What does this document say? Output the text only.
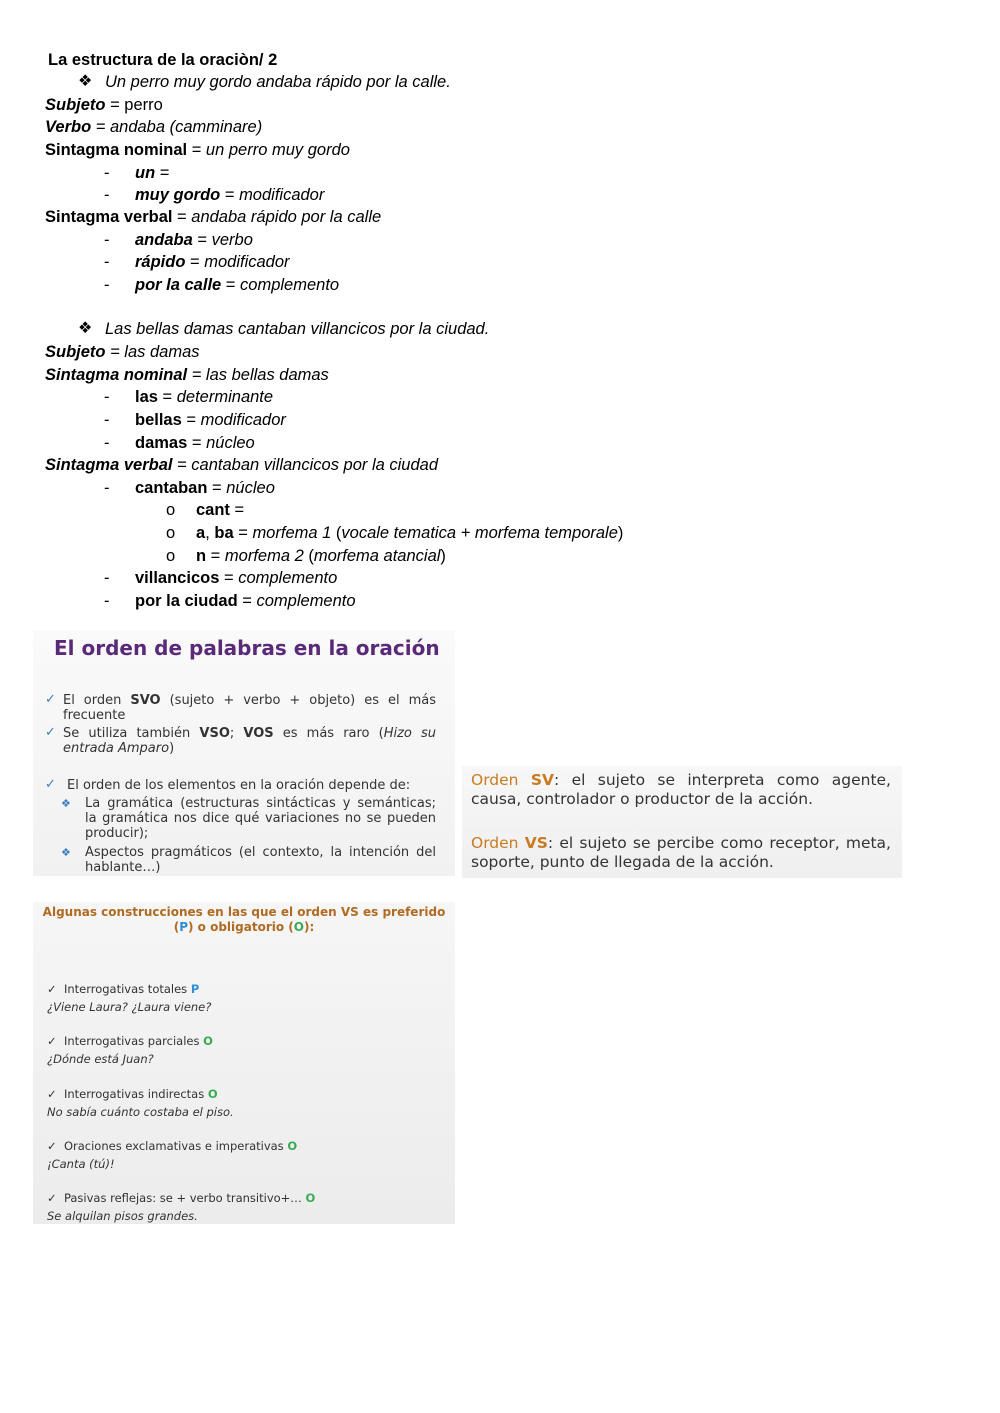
La estructura de la oraciòn/ 2
❖ Un perro muy gordo andaba rápido por la calle.
Subjeto = perro
Verbo = andaba (camminare)
Sintagma nominal = un perro muy gordo
- un =
- muy gordo = modificador
Sintagma verbal = andaba rápido por la calle
- andaba = verbo
- rápido = modificador
- por la calle = complemento
❖ Las bellas damas cantaban villancicos por la ciudad.
Subjeto = las damas
Sintagma nominal = las bellas damas
- las = determinante
- bellas = modificador
- damas = núcleo
Sintagma verbal = cantaban villancicos por la ciudad
- cantaban = núcleo
o cant =
o a, ba = morfema 1 (vocale tematica + morfema temporale)
o n = morfema 2 (morfema atancial)
- villancicos = complemento
- por la ciudad = complemento
El orden de palabras en la oración
✓ El orden SVO (sujeto + verbo + objeto) es el más frecuente
✓ Se utiliza también VSO; VOS es más raro (Hizo su entrada Amparo)
✓ El orden de los elementos en la oración depende de:
❖ La gramática (estructuras sintácticas y semánticas; la gramática nos dice qué variaciones no se pueden producir);
❖ Aspectos pragmáticos (el contexto, la intención del hablante…)
Orden SV: el sujeto se interpreta como agente, causa, controlador o productor de la acción.
Orden VS: el sujeto se percibe como receptor, meta, soporte, punto de llegada de la acción.
Algunas construcciones en las que el orden VS es preferido (P) o obligatorio (O):
✓  Interrogativas totales P
¿Viene Laura? ¿Laura viene?
✓  Interrogativas parciales O
¿Dónde está Juan?
✓  Interrogativas indirectas O
No sabía cuánto costaba el piso.
✓  Oraciones exclamativas e imperativas O
¡Canta (tú)!
✓  Pasivas reflejas: se + verbo transitivo+… O
Se alquilan pisos grandes.
